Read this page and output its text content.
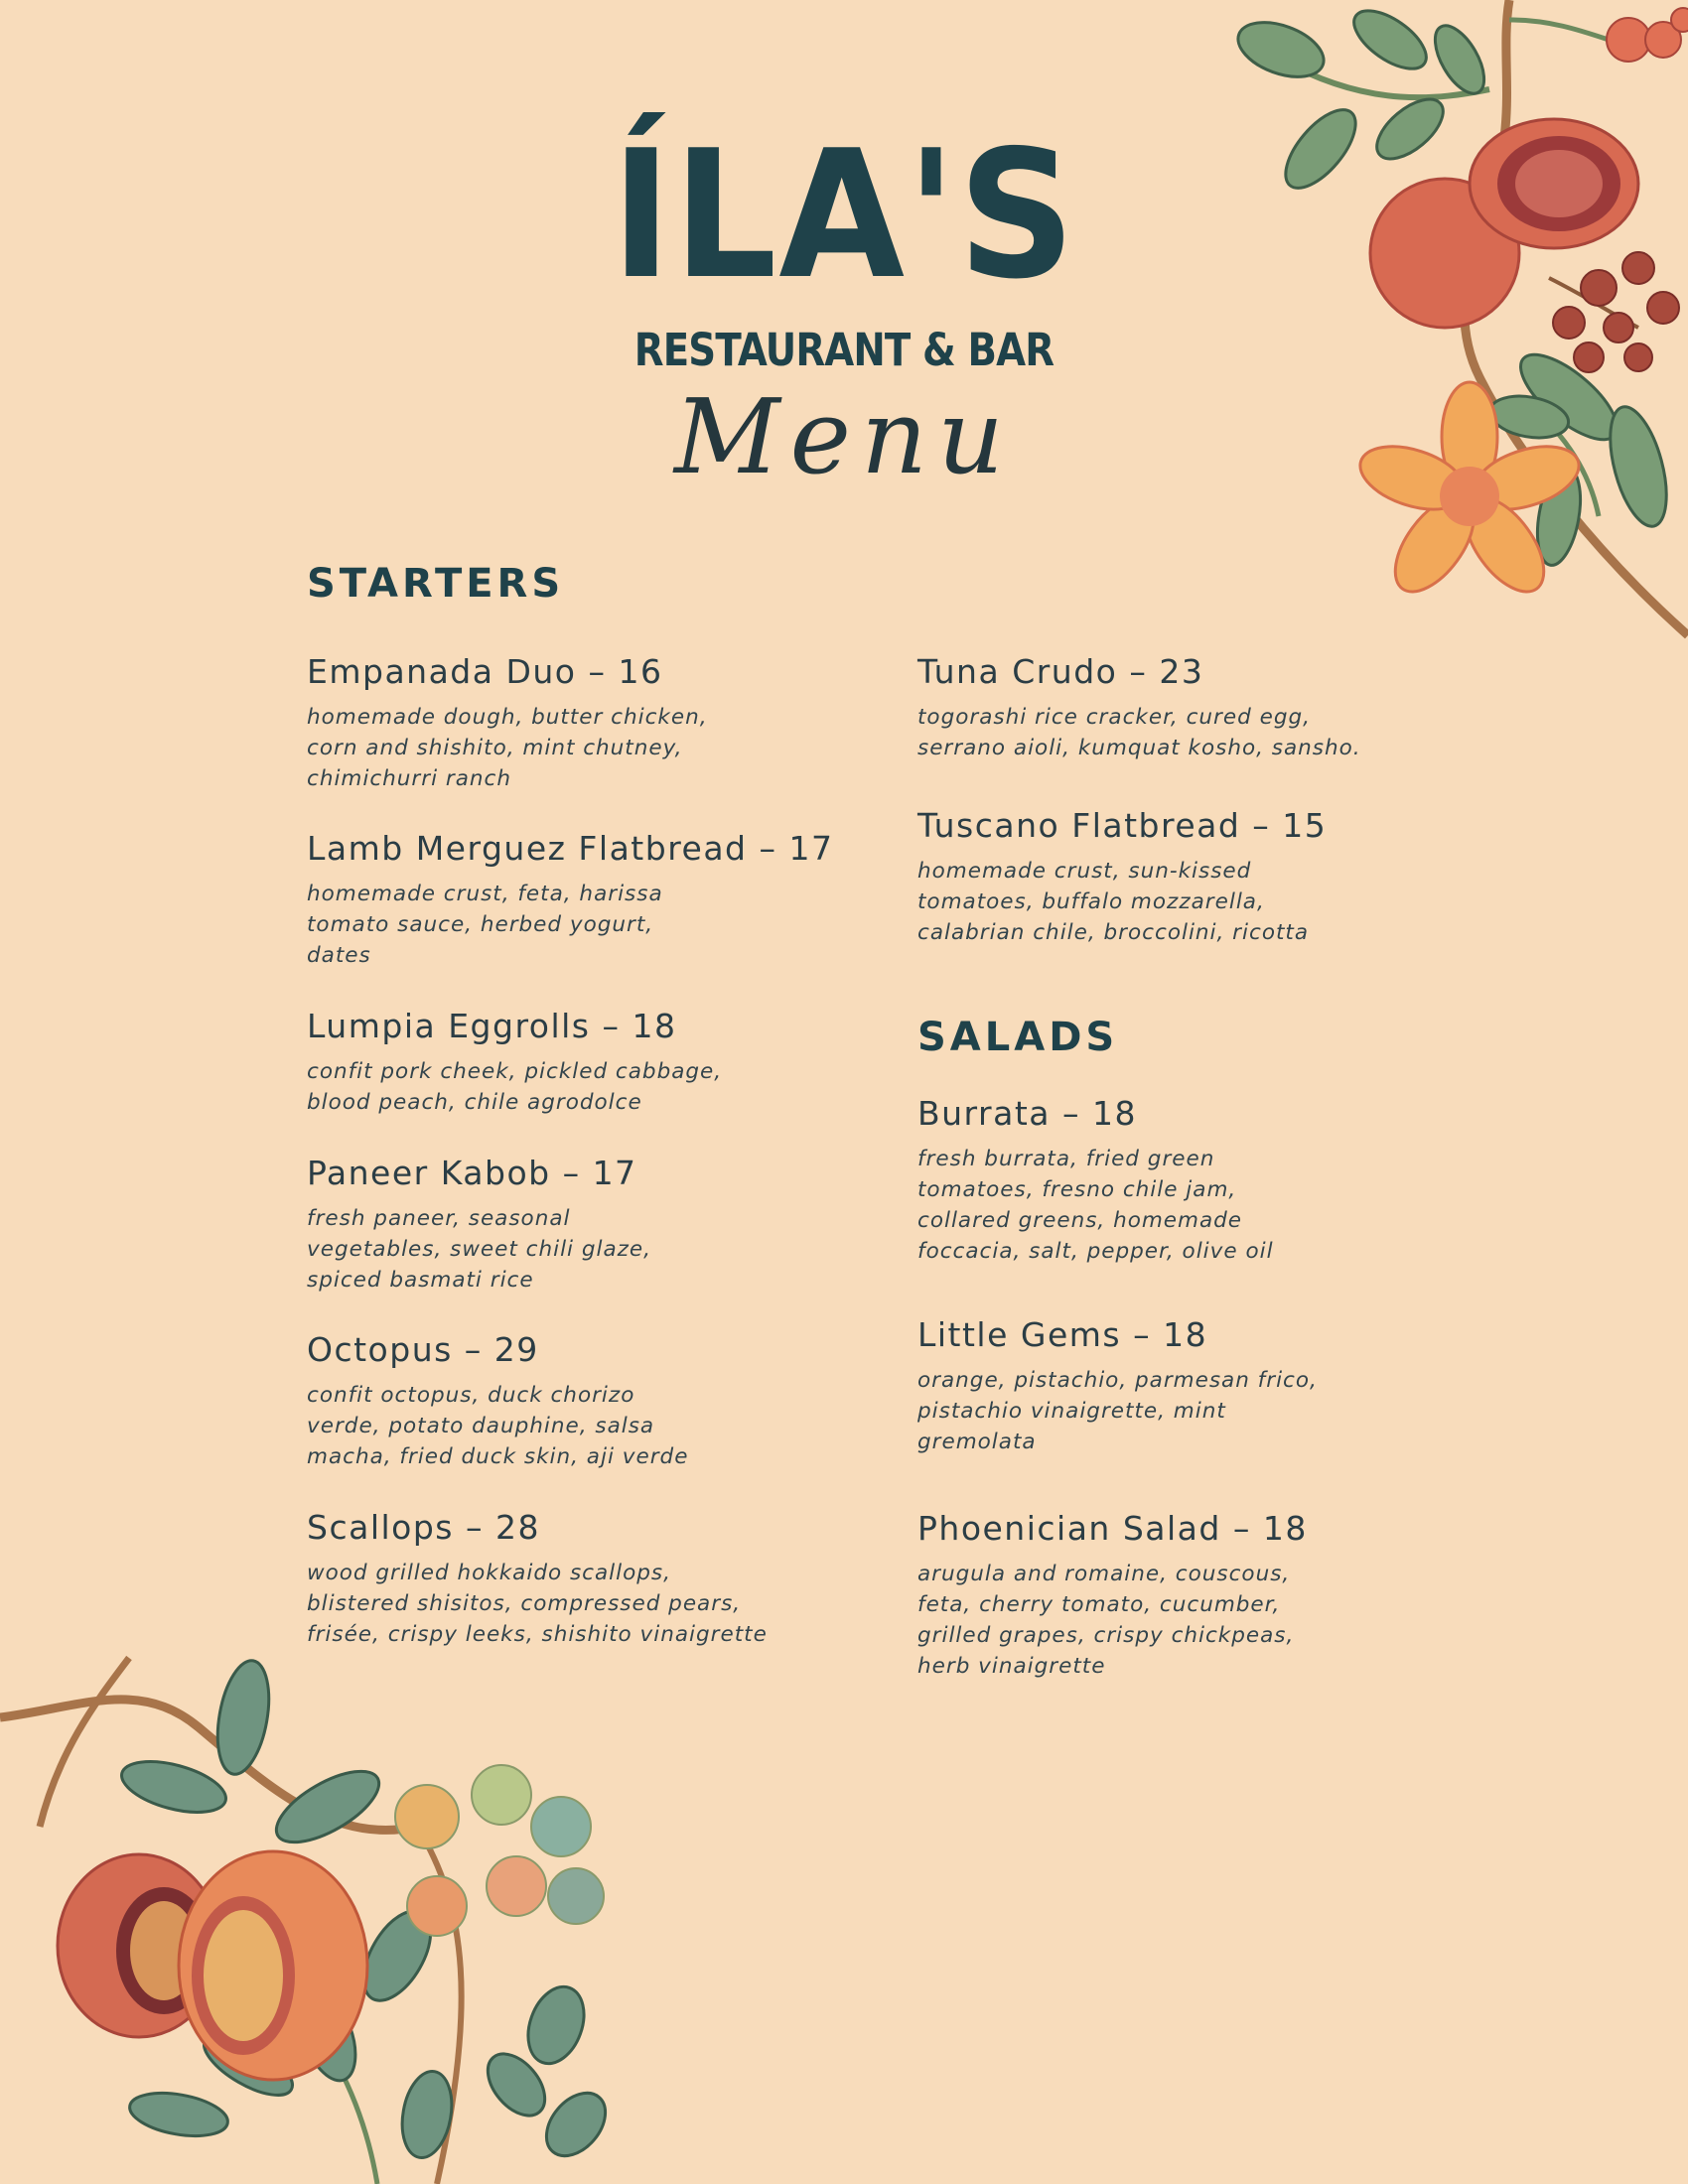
ÍLA'S
RESTAURANT & BAR
Menu
STARTERS
Empanada Duo – 16
homemade dough, butter chicken,
corn and shishito, mint chutney,
chimichurri ranch
Lamb Merguez Flatbread – 17
homemade crust, feta, harissa
tomato sauce, herbed yogurt,
dates
Lumpia Eggrolls – 18
confit pork cheek, pickled cabbage,
blood peach, chile agrodolce
Paneer Kabob – 17
fresh paneer, seasonal
vegetables, sweet chili glaze,
spiced basmati rice
Octopus – 29
confit octopus, duck chorizo
verde, potato dauphine, salsa
macha, fried duck skin, aji verde
Scallops – 28
wood grilled hokkaido scallops,
blistered shisitos, compressed pears,
frisée, crispy leeks, shishito vinaigrette
Tuna Crudo – 23
togorashi rice cracker, cured egg,
serrano aioli, kumquat kosho, sansho.
Tuscano Flatbread – 15
homemade crust, sun-kissed
tomatoes, buffalo mozzarella,
calabrian chile, broccolini, ricotta
SALADS
Burrata – 18
fresh burrata, fried green
tomatoes, fresno chile jam,
collared greens, homemade
foccacia, salt, pepper, olive oil
Little Gems – 18
orange, pistachio, parmesan frico,
pistachio vinaigrette, mint
gremolata
Phoenician Salad – 18
arugula and romaine, couscous,
feta, cherry tomato, cucumber,
grilled grapes, crispy chickpeas,
herb vinaigrette
